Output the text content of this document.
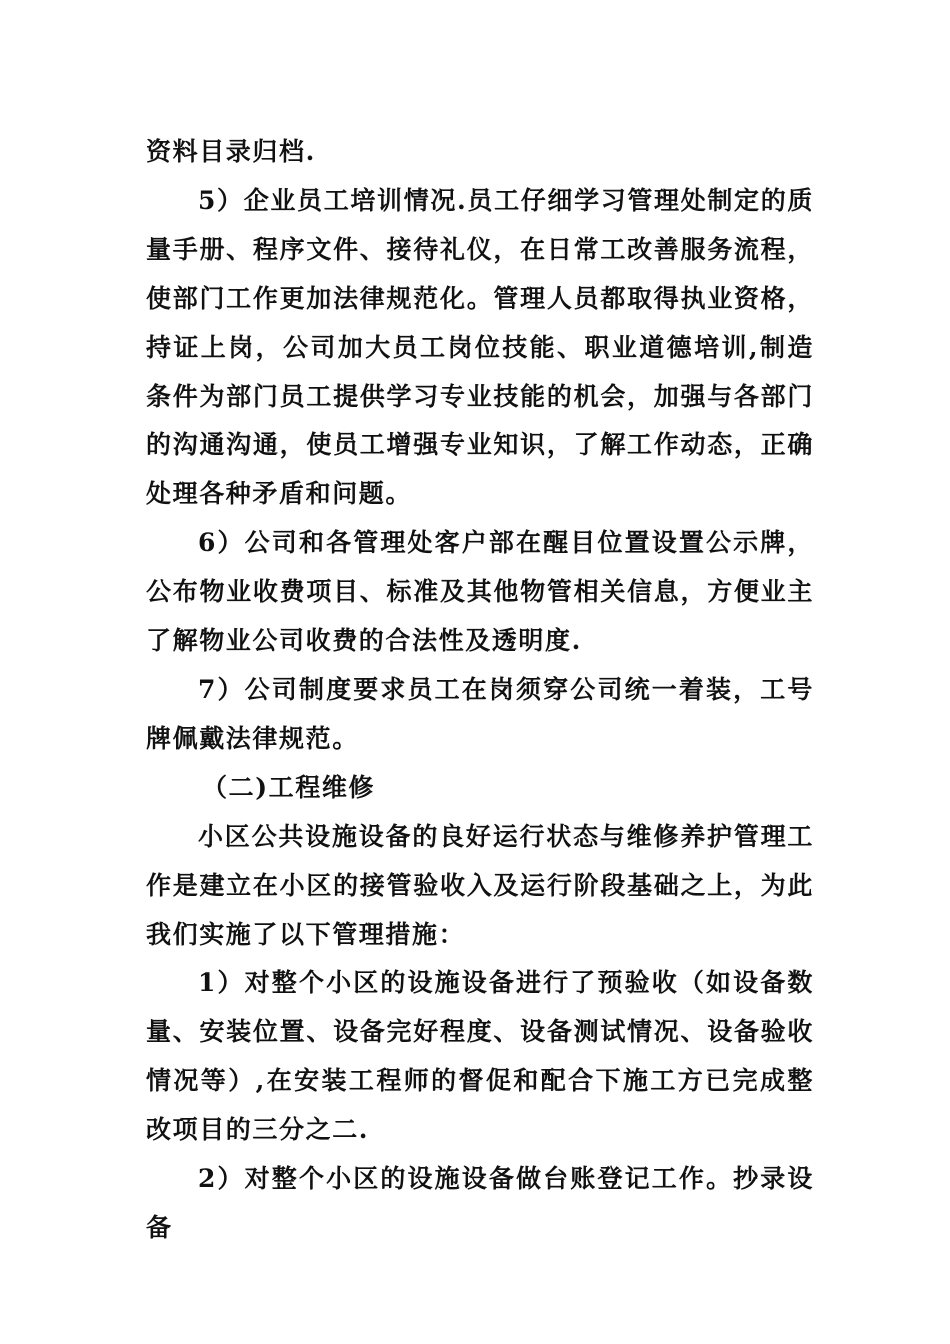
资料目录归档.

5）企业员工培训情况.员工仔细学习管理处制定的质量手册、程序文件、接待礼仪，在日常工改善服务流程，使部门工作更加法律规范化。管理人员都取得执业资格，持证上岗，公司加大员工岗位技能、职业道德培训,制造条件为部门员工提供学习专业技能的机会，加强与各部门的沟通沟通，使员工增强专业知识，了解工作动态，正确处理各种矛盾和问题。

6）公司和各管理处客户部在醒目位置设置公示牌，公布物业收费项目、标准及其他物管相关信息，方便业主了解物业公司收费的合法性及透明度.

7）公司制度要求员工在岗须穿公司统一着装，工号牌佩戴法律规范。

（二)工程维修

小区公共设施设备的良好运行状态与维修养护管理工作是建立在小区的接管验收入及运行阶段基础之上，为此我们实施了以下管理措施：

1）对整个小区的设施设备进行了预验收（如设备数量、安装位置、设备完好程度、设备测试情况、设备验收情况等）,在安装工程师的督促和配合下施工方已完成整改项目的三分之二.

2）对整个小区的设施设备做台账登记工作。抄录设备
